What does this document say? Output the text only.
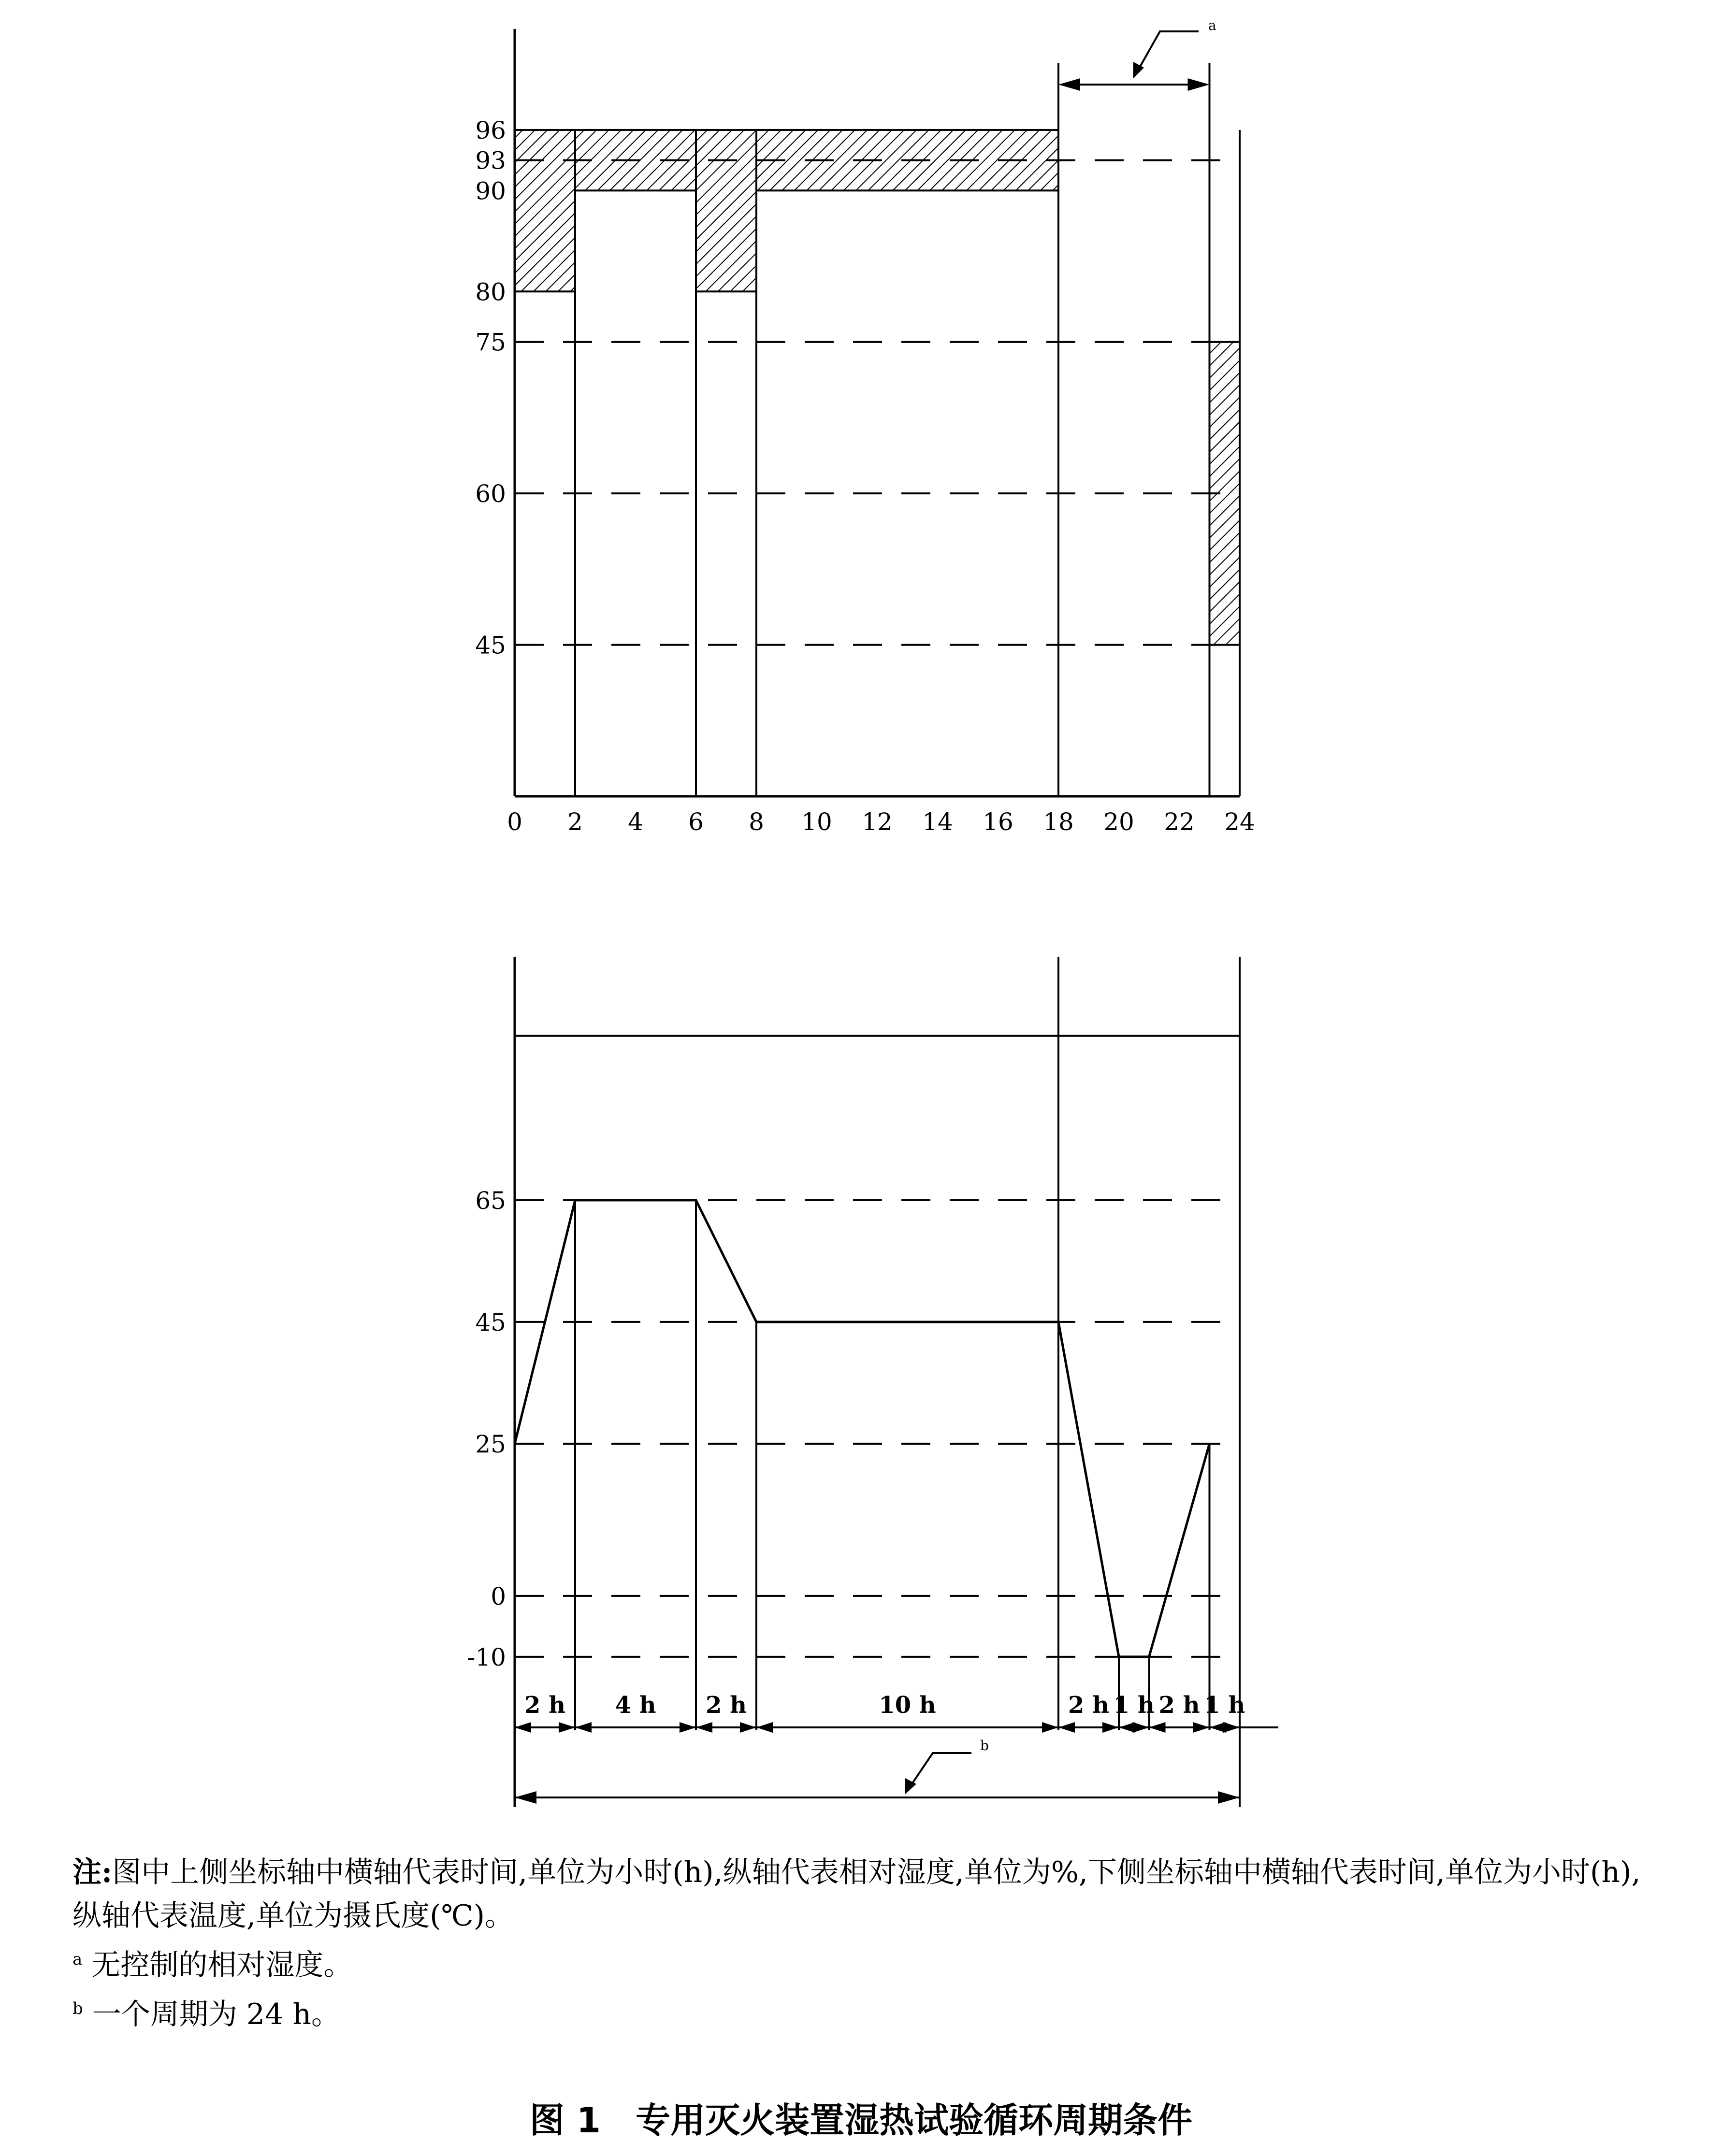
96
93
90
80
75
60
45
0 2 4 6 8 10 12 14 16 18 20 22 24
a
65
45
25
0
-10
2 h 4 h 2 h	10 h	2 h 1 h 2 h 1 h
b

注:图中上侧坐标轴中横轴代表时间,单位为小时(h),纵轴代表相对湿度,单位为%,下侧坐标轴中横轴代表时间,单位为小时(h),纵轴代表温度,单位为摄氏度(℃)。

$^a$ 无控制的相对湿度。

$^b$ 一个周期为 24 h。

图 1　专用灭火装置湿热试验循环周期条件
